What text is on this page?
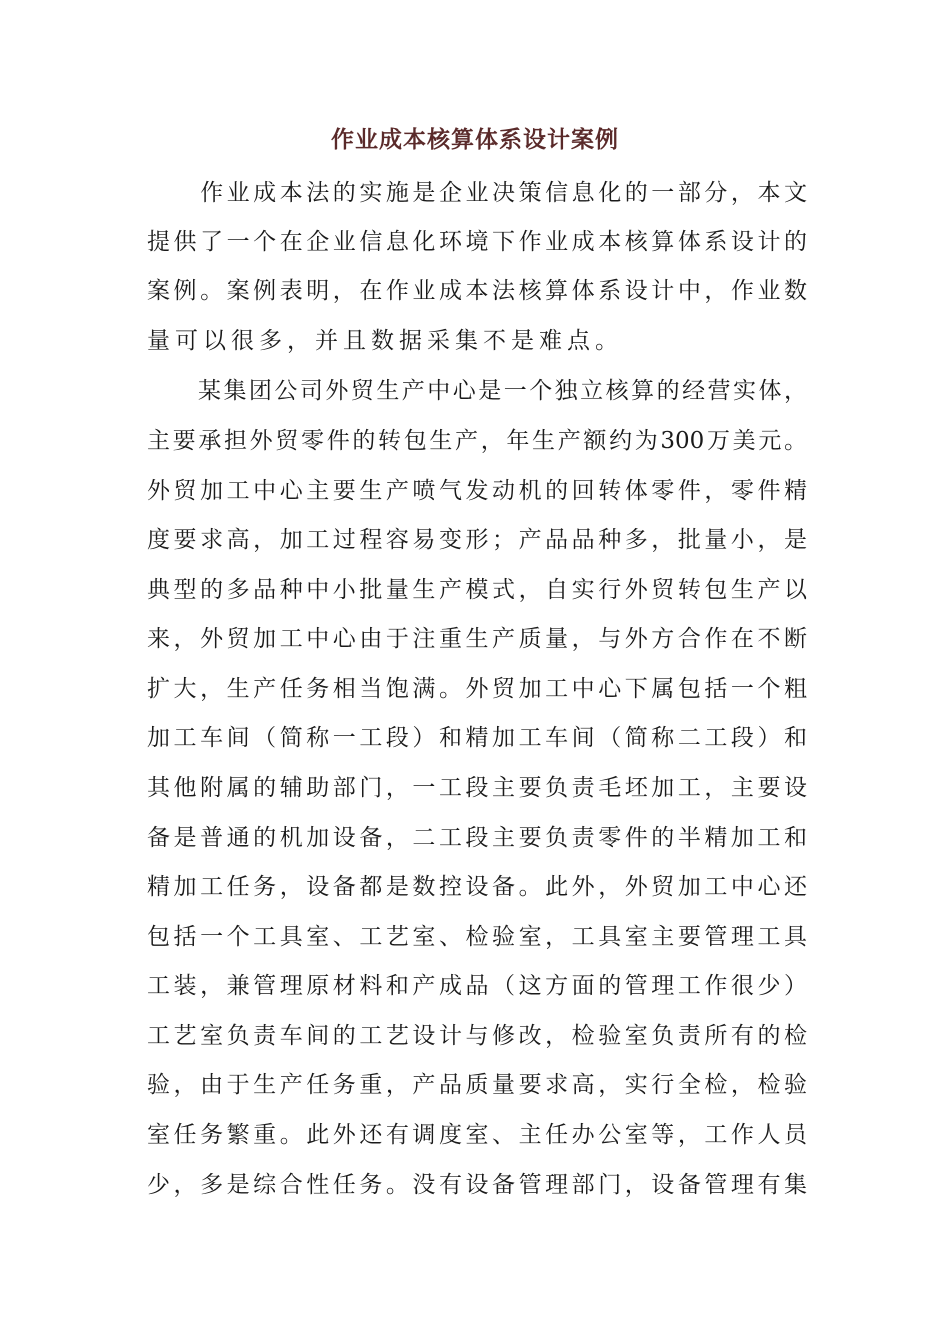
作业成本核算体系设计案例
　　作业成本法的实施是企业决策信息化的一部分，本文
提供了一个在企业信息化环境下作业成本核算体系设计的
案例。案例表明，在作业成本法核算体系设计中，作业数
量可以很多，并且数据采集不是难点。
　　某集团公司外贸生产中心是一个独立核算的经营实体，
主要承担外贸零件的转包生产，年生产额约为300万美元。
外贸加工中心主要生产喷气发动机的回转体零件，零件精
度要求高，加工过程容易变形；产品品种多，批量小，是
典型的多品种中小批量生产模式，自实行外贸转包生产以
来，外贸加工中心由于注重生产质量，与外方合作在不断
扩大，生产任务相当饱满。外贸加工中心下属包括一个粗
加工车间（简称一工段）和精加工车间（简称二工段）和
其他附属的辅助部门，一工段主要负责毛坯加工，主要设
备是普通的机加设备，二工段主要负责零件的半精加工和
精加工任务，设备都是数控设备。此外，外贸加工中心还
包括一个工具室、工艺室、检验室，工具室主要管理工具
工装，兼管理原材料和产成品（这方面的管理工作很少）
工艺室负责车间的工艺设计与修改，检验室负责所有的检
验，由于生产任务重，产品质量要求高，实行全检，检验
室任务繁重。此外还有调度室、主任办公室等，工作人员
少，多是综合性任务。没有设备管理部门，设备管理有集
